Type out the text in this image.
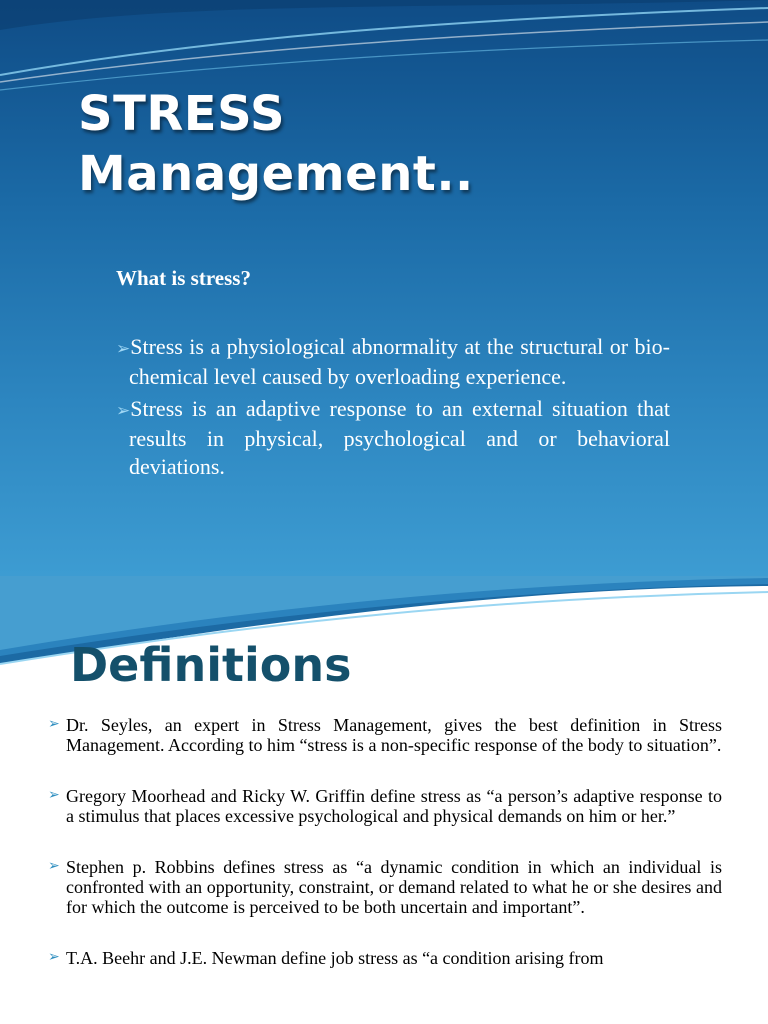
STRESS
Management..
What is stress?
➢Stress is a physiological abnormality at the structural or bio-chemical level caused by overloading experience.
➢Stress is an adaptive response to an external situation that results in physical, psychological and or behavioral deviations.
Definitions
➢ Dr. Seyles, an expert in Stress Management, gives the best definition in Stress Management. According to him “stress is a non-specific response of the body to situation”.
➢ Gregory Moorhead and Ricky W. Griffin define stress as “a person’s adaptive response to a stimulus that places excessive psychological and physical demands on him or her.”
➢ Stephen p. Robbins defines stress as “a dynamic condition in which an individual is confronted with an opportunity, constraint, or demand related to what he or she desires and for which the outcome is perceived to be both uncertain and important”.
➢ T.A. Beehr and J.E. Newman define job stress as “a condition arising from
